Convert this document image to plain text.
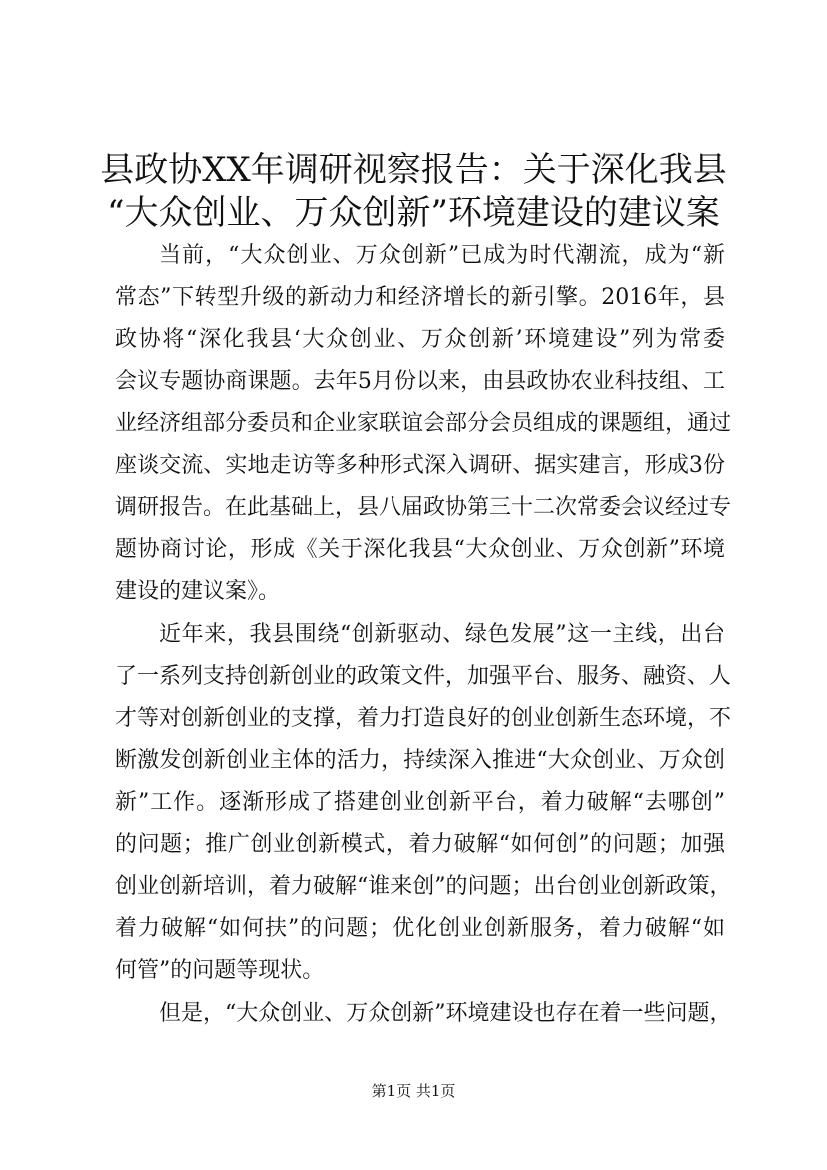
县政协XX年调研视察报告：关于深化我县
“大众创业、万众创新”环境建设的建议案
当前，“大众创业、万众创新”已成为时代潮流，成为“新
常态”下转型升级的新动力和经济增长的新引擎。2016年，县
政协将“深化我县‘大众创业、万众创新’环境建设”列为常委
会议专题协商课题。去年5月份以来，由县政协农业科技组、工
业经济组部分委员和企业家联谊会部分会员组成的课题组，通过
座谈交流、实地走访等多种形式深入调研、据实建言，形成3份
调研报告。在此基础上，县八届政协第三十二次常委会议经过专
题协商讨论，形成《关于深化我县“大众创业、万众创新”环境
建设的建议案》。
近年来，我县围绕“创新驱动、绿色发展”这一主线，出台
了一系列支持创新创业的政策文件，加强平台、服务、融资、人
才等对创新创业的支撑，着力打造良好的创业创新生态环境，不
断激发创新创业主体的活力，持续深入推进“大众创业、万众创
新”工作。逐渐形成了搭建创业创新平台，着力破解“去哪创”
的问题；推广创业创新模式，着力破解“如何创”的问题；加强
创业创新培训，着力破解“谁来创”的问题；出台创业创新政策，
着力破解“如何扶”的问题；优化创业创新服务，着力破解“如
何管”的问题等现状。
但是，“大众创业、万众创新”环境建设也存在着一些问题，
第1页 共1页
